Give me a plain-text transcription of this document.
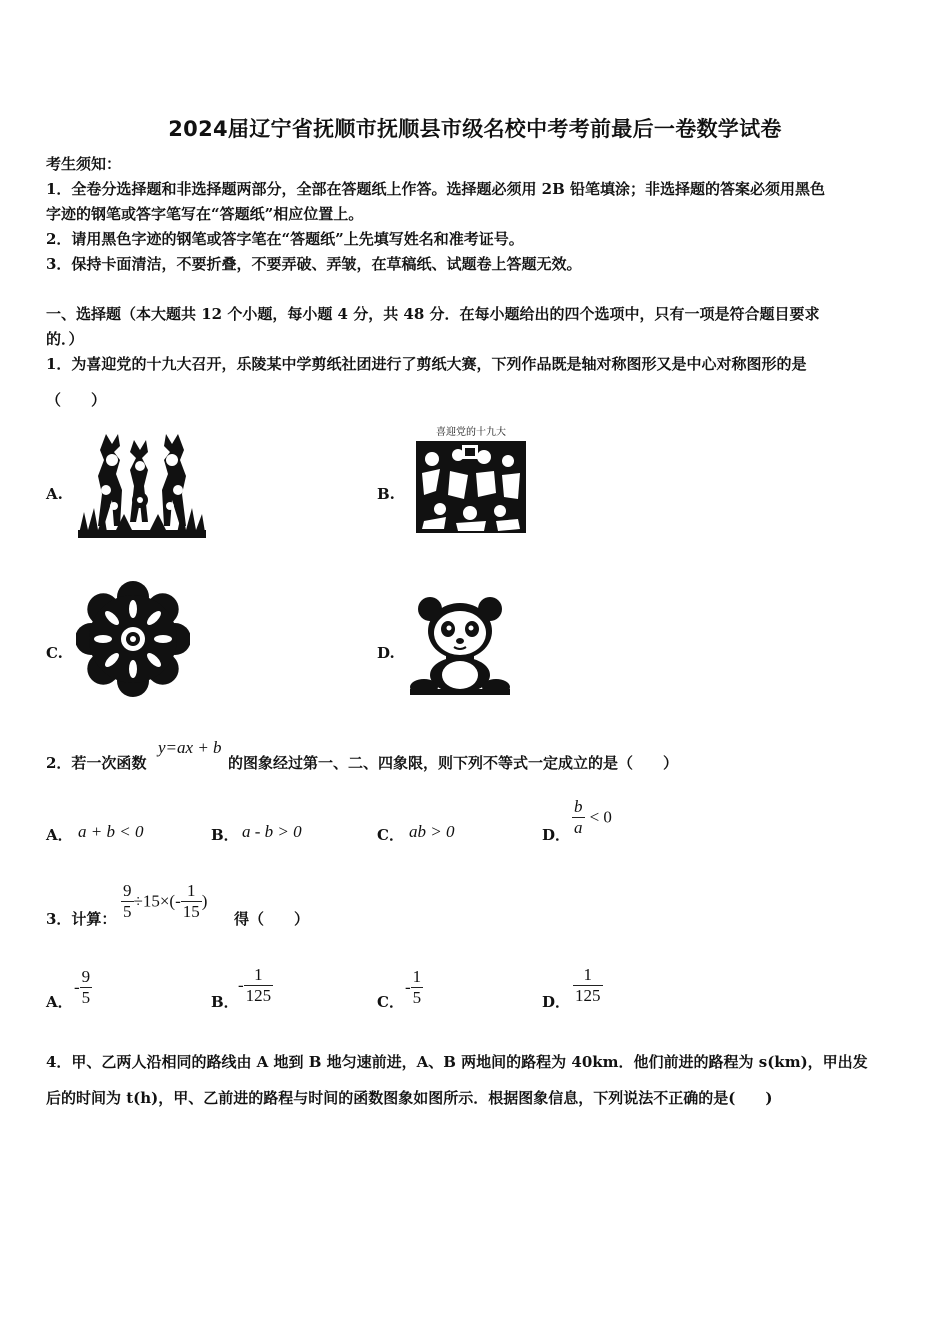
2024届辽宁省抚顺市抚顺县市级名校中考考前最后一卷数学试卷
考生须知：
1．全卷分选择题和非选择题两部分，全部在答题纸上作答。选择题必须用 2B 铅笔填涂；非选择题的答案必须用黑色
字迹的钢笔或答字笔写在“答题纸”相应位置上。
2．请用黑色字迹的钢笔或答字笔在“答题纸”上先填写姓名和准考证号。
3．保持卡面清洁，不要折叠，不要弄破、弄皱，在草稿纸、试题卷上答题无效。
一、选择题（本大题共 12 个小题，每小题 4 分，共 48 分．在每小题给出的四个选项中，只有一项是符合题目要求
的．）
1．为喜迎党的十九大召开，乐陵某中学剪纸社团进行了剪纸大赛，下列作品既是轴对称图形又是中心对称图形的是
（　　）
A.	B.
C.	D.
喜迎党的十九大
2．若一次函数
y=ax + b
的图象经过第一、二、四象限，则下列不等式一定成立的是（　　）
A． a + b < 0	B． a - b > 0	C． ab > 0	D． $\frac{b}{a} < 0$
3．计算： $\frac{9}{5} \div 15\times(- \frac{1}{15}$ )
得（　　）
A．
- $\frac{9}{5}$	B．
- $\frac{1}{125}$	C．
- $\frac{1}{5}$	D． $\frac{1}{125}$
4．甲、乙两人沿相同的路线由 A 地到 B 地匀速前进，A、B 两地间的路程为 40km．他们前进的路程为 s(km)，甲出发
后的时间为 t(h)，甲、乙前进的路程与时间的函数图象如图所示．根据图象信息，下列说法不正确的是(　　)
